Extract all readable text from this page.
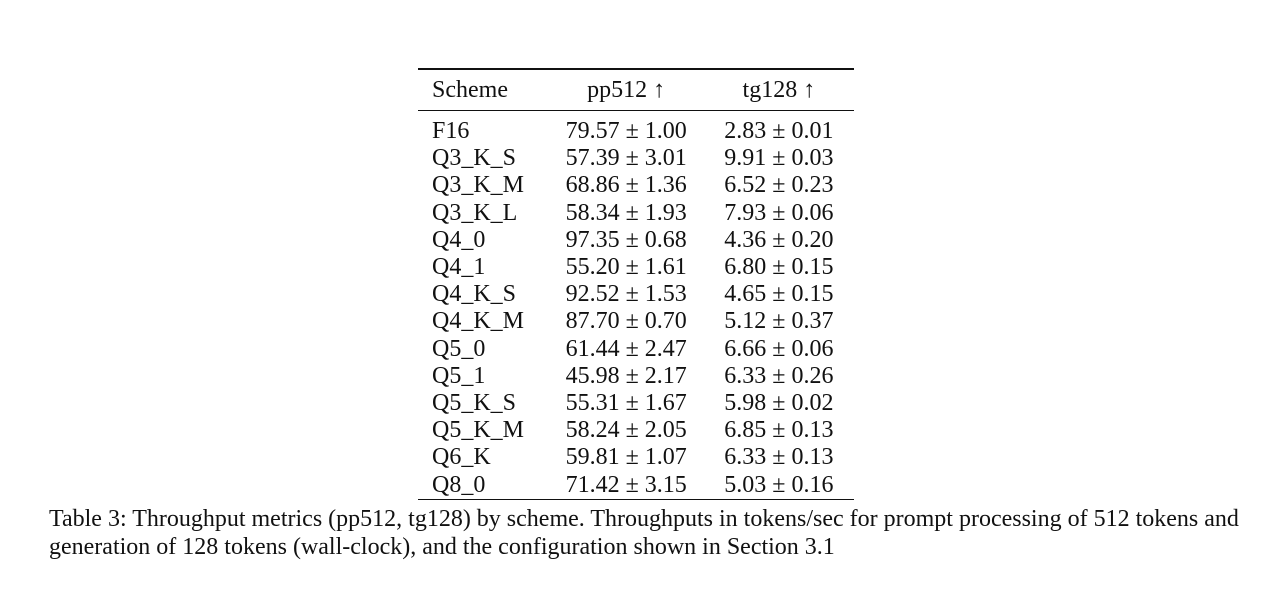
Scheme	pp512 ↑	tg128 ↑
F16	79.57 ± 1.00	2.83 ± 0.01
Q3_K_S	57.39 ± 3.01	9.91 ± 0.03
Q3_K_M	68.86 ± 1.36	6.52 ± 0.23
Q3_K_L	58.34 ± 1.93	7.93 ± 0.06
Q4_0	97.35 ± 0.68	4.36 ± 0.20
Q4_1	55.20 ± 1.61	6.80 ± 0.15
Q4_K_S	92.52 ± 1.53	4.65 ± 0.15
Q4_K_M	87.70 ± 0.70	5.12 ± 0.37
Q5_0	61.44 ± 2.47	6.66 ± 0.06
Q5_1	45.98 ± 2.17	6.33 ± 0.26
Q5_K_S	55.31 ± 1.67	5.98 ± 0.02
Q5_K_M	58.24 ± 2.05	6.85 ± 0.13
Q6_K	59.81 ± 1.07	6.33 ± 0.13
Q8_0	71.42 ± 3.15	5.03 ± 0.16

Table 3: Throughput metrics (pp512, tg128) by scheme. Throughputs in tokens/sec for prompt processing of 512 tokens and generation of 128 tokens (wall-clock), and the configuration shown in Section 3.1
